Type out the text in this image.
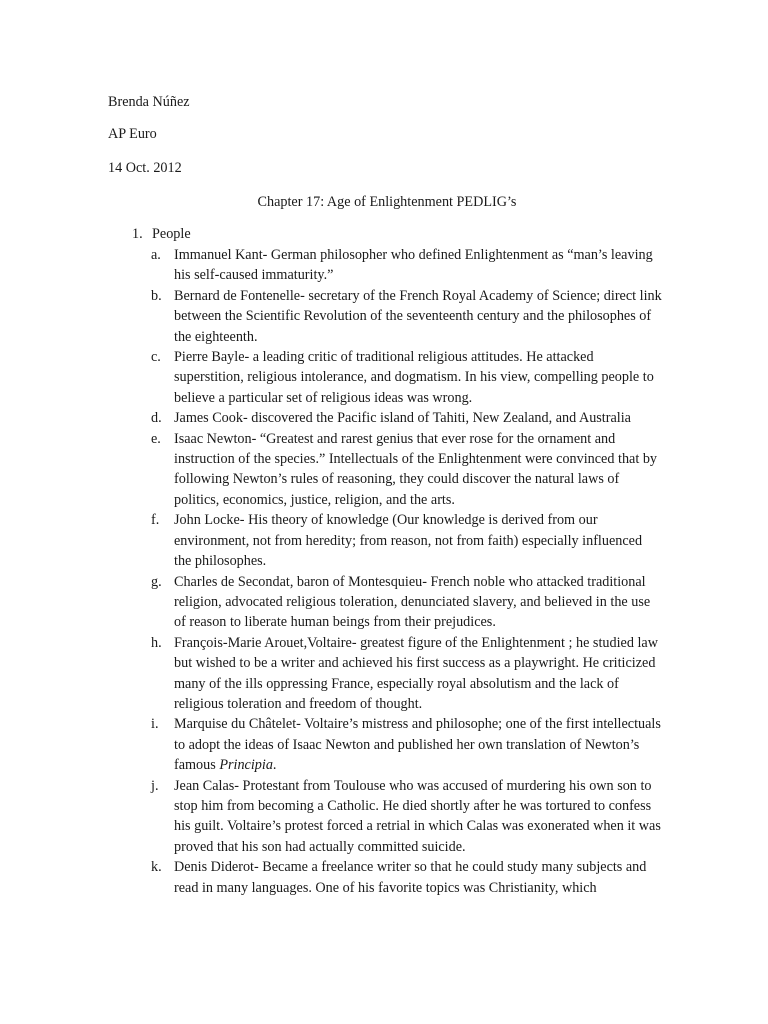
Brenda Núñez

AP Euro

14 Oct. 2012

Chapter 17: Age of Enlightenment PEDLIG’s

1. People
a. Immanuel Kant- German philosopher who defined Enlightenment as “man’s leaving his self-caused immaturity.”
b. Bernard de Fontenelle- secretary of the French Royal Academy of Science; direct link between the Scientific Revolution of the seventeenth century and the philosophes of the eighteenth.
c. Pierre Bayle- a leading critic of traditional religious attitudes. He attacked superstition, religious intolerance, and dogmatism. In his view, compelling people to believe a particular set of religious ideas was wrong.
d. James Cook- discovered the Pacific island of Tahiti, New Zealand, and Australia
e. Isaac Newton- “Greatest and rarest genius that ever rose for the ornament and instruction of the species.” Intellectuals of the Enlightenment were convinced that by following Newton’s rules of reasoning, they could discover the natural laws of politics, economics, justice, religion, and the arts.
f. John Locke- His theory of knowledge (Our knowledge is derived from our environment, not from heredity; from reason, not from faith) especially influenced the philosophes.
g. Charles de Secondat, baron of Montesquieu- French noble who attacked traditional religion, advocated religious toleration, denunciated slavery, and believed in the use of reason to liberate human beings from their prejudices.
h. François-Marie Arouet,Voltaire- greatest figure of the Enlightenment ; he studied law but wished to be a writer and achieved his first success as a playwright. He criticized many of the ills oppressing France, especially royal absolutism and the lack of religious toleration and freedom of thought.
i. Marquise du Châtelet- Voltaire’s mistress and philosophe; one of the first intellectuals to adopt the ideas of Isaac Newton and published her own translation of Newton’s famous Principia.
j. Jean Calas- Protestant from Toulouse who was accused of murdering his own son to stop him from becoming a Catholic. He died shortly after he was tortured to confess his guilt. Voltaire’s protest forced a retrial in which Calas was exonerated when it was proved that his son had actually committed suicide.
k. Denis Diderot- Became a freelance writer so that he could study many subjects and read in many languages. One of his favorite topics was Christianity, which
